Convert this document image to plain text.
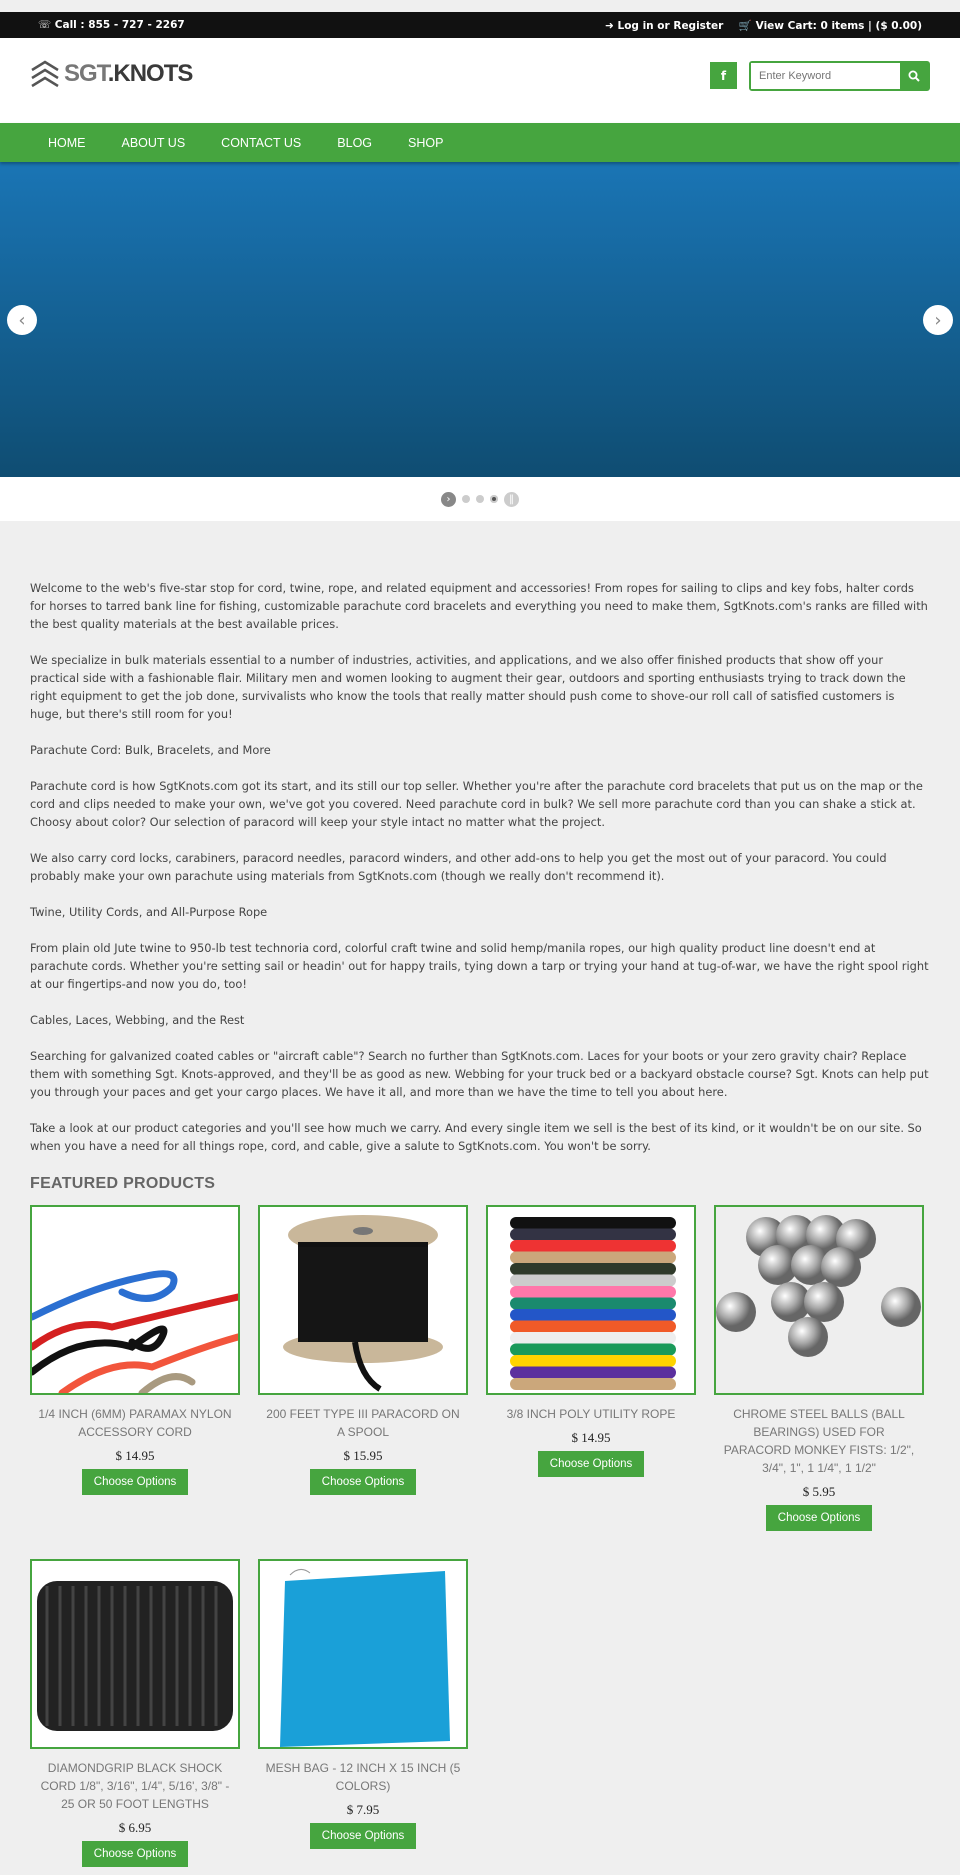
☏ Call : 855 - 727 - 2267	➜ Log in or Register 🛒 View Cart: 0 items | ($ 0.00)
SGT.KNOTS	f
Enter Keyword
HOME	ABOUT US	CONTACT US	BLOG	SHOP
‹	›
›	‖

Welcome to the web's five-star stop for cord, twine, rope, and related equipment and accessories! From ropes for sailing to clips and key fobs, halter cords for horses to tarred bank line for fishing, customizable parachute cord bracelets and everything you need to make them, SgtKnots.com's ranks are filled with the best quality materials at the best available prices.

We specialize in bulk materials essential to a number of industries, activities, and applications, and we also offer finished products that show off your practical side with a fashionable flair. Military men and women looking to augment their gear, outdoors and sporting enthusiasts trying to track down the right equipment to get the job done, survivalists who know the tools that really matter should push come to shove-our roll call of satisfied customers is huge, but there's still room for you!

Parachute Cord: Bulk, Bracelets, and More

Parachute cord is how SgtKnots.com got its start, and its still our top seller. Whether you're after the parachute cord bracelets that put us on the map or the cord and clips needed to make your own, we've got you covered. Need parachute cord in bulk? We sell more parachute cord than you can shake a stick at. Choosy about color? Our selection of paracord will keep your style intact no matter what the project.

We also carry cord locks, carabiners, paracord needles, paracord winders, and other add-ons to help you get the most out of your paracord. You could probably make your own parachute using materials from SgtKnots.com (though we really don't recommend it).

Twine, Utility Cords, and All-Purpose Rope

From plain old Jute twine to 950-lb test technoria cord, colorful craft twine and solid hemp/manila ropes, our high quality product line doesn't end at parachute cords. Whether you're setting sail or headin' out for happy trails, tying down a tarp or trying your hand at tug-of-war, we have the right spool right at our fingertips-and now you do, too!

Cables, Laces, Webbing, and the Rest

Searching for galvanized coated cables or "aircraft cable"? Search no further than SgtKnots.com. Laces for your boots or your zero gravity chair? Replace them with something Sgt. Knots-approved, and they'll be as good as new. Webbing for your truck bed or a backyard obstacle course? Sgt. Knots can help put you through your paces and get your cargo places. We have it all, and more than we have the time to tell you about here.

Take a look at our product categories and you'll see how much we carry. And every single item we sell is the best of its kind, or it wouldn't be on our site. So when you have a need for all things rope, cord, and cable, give a salute to SgtKnots.com. You won't be sorry.

FEATURED PRODUCTS
1/4 INCH (6MM) PARAMAX NYLON ACCESSORY CORD
$ 14.95
Choose Options
200 FEET TYPE III PARACORD ON A SPOOL
$ 15.95
Choose Options
3/8 INCH POLY UTILITY ROPE
$ 14.95
Choose Options
CHROME STEEL BALLS (BALL BEARINGS) USED FOR PARACORD MONKEY FISTS: 1/2", 3/4", 1", 1 1/4", 1 1/2"
$ 5.95
Choose Options
DIAMONDGRIP BLACK SHOCK CORD 1/8", 3/16", 1/4", 5/16', 3/8" - 25 OR 50 FOOT LENGTHS
$ 6.95
Choose Options
MESH BAG - 12 INCH X 15 INCH (5 COLORS)
$ 7.95
Choose Options
